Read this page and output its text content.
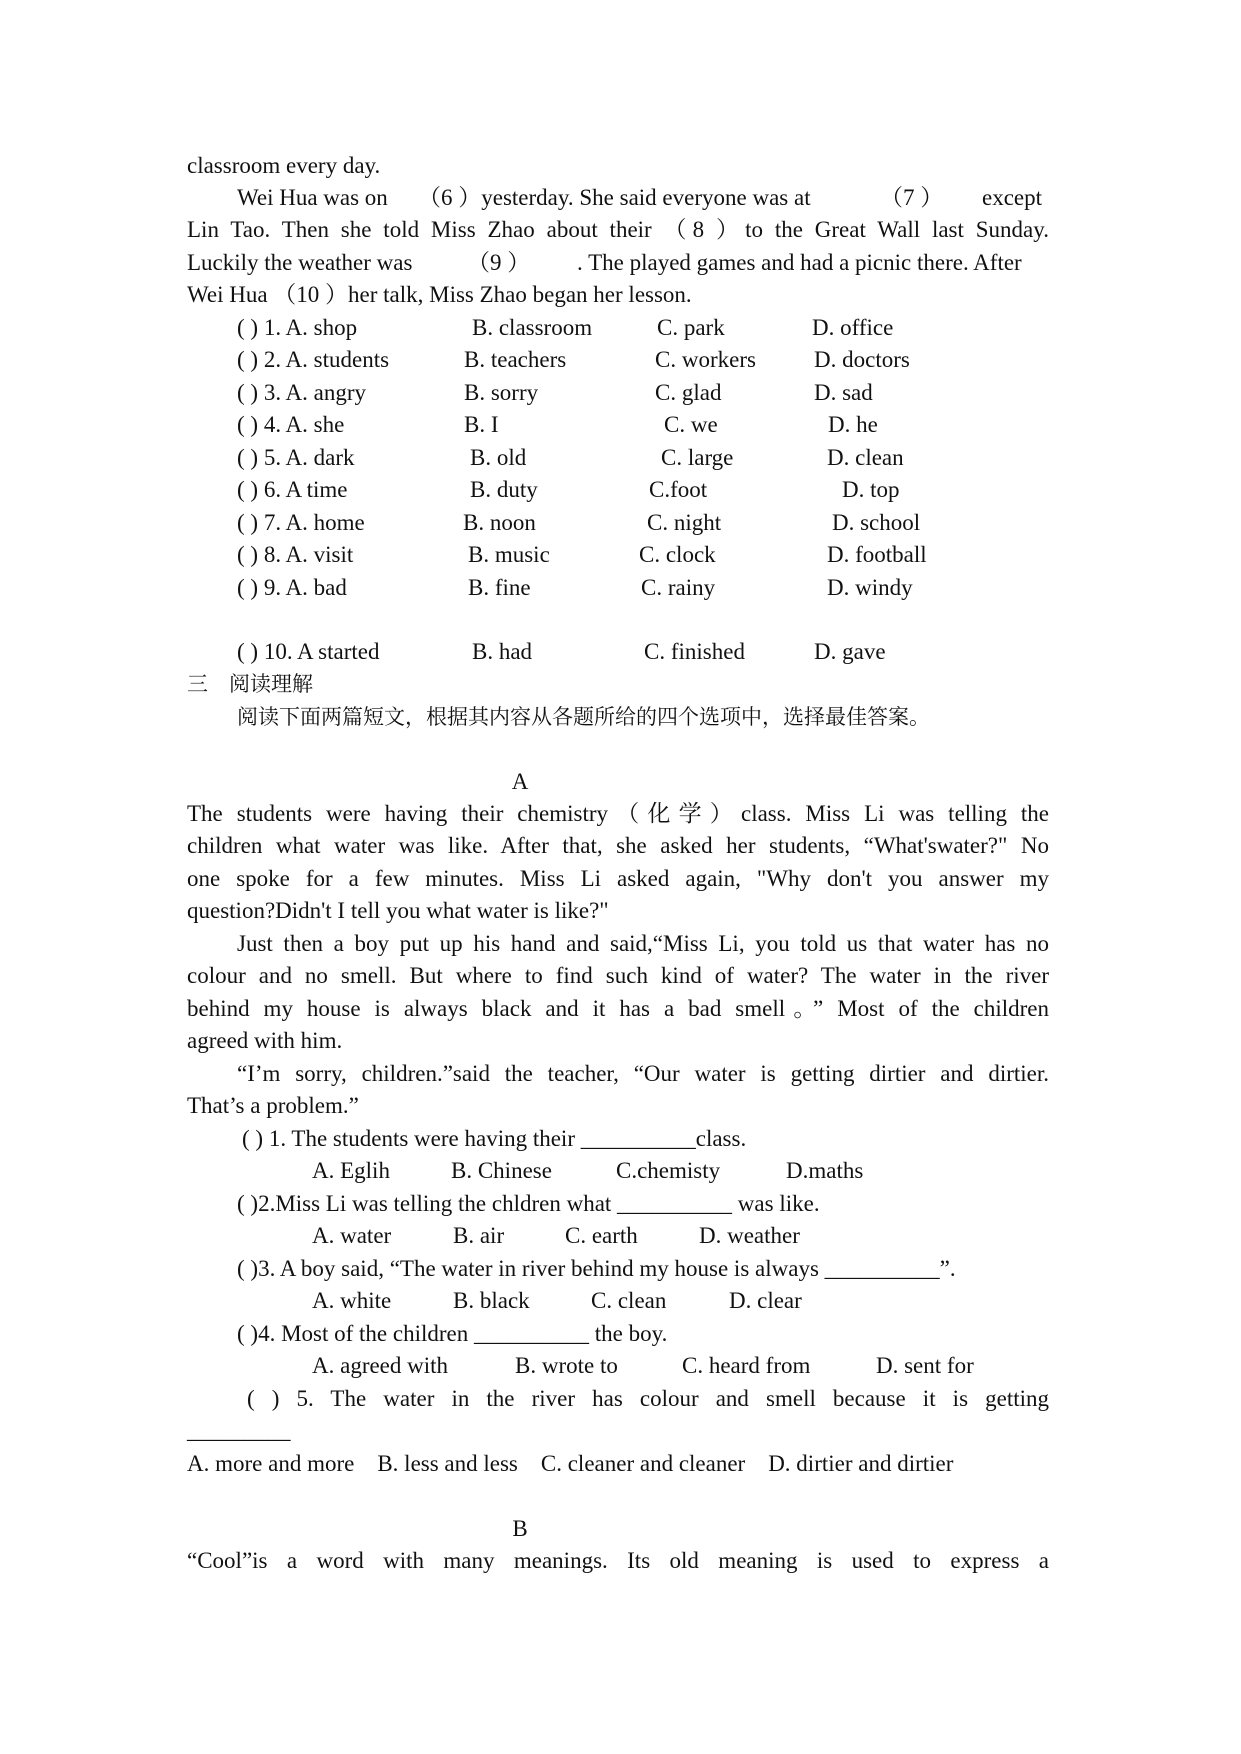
classroom every day.
Wei Hua was on （6 ）yesterday. She said everyone was at	（7 ） except
Lin Tao. Then she told Miss Zhao about their （8 ）to the Great Wall last Sunday.
Luckily the weather was （9 ） . The played games and had a picnic there. After
Wei Hua （10 ）her talk, Miss Zhao began her lesson.
( ) 1. A. shop	B. classroom	C. park	D. office
( ) 2. A. students	B. teachers	C. workers	D. doctors
( ) 3. A. angry	B. sorry	C. glad	D. sad
( ) 4. A. she	B. I	C. we	D. he
( ) 5. A. dark	B. old	C. large	D. clean
( ) 6. A time	B. duty	C.foot	D. top
( ) 7. A. home	B. noon	C. night	D. school
( ) 8. A. visit	B. music	C. clock	D. football
( ) 9. A. bad	B. fine	C. rainy	D. windy
( ) 10. A started	B. had	C. finished	D. gave
三　阅读理解
阅读下面两篇短文，根据其内容从各题所给的四个选项中，选择最佳答案。
A
The students were having their chemistry（化学）class. Miss Li was telling the
children what water was like. After that, she asked her students, “What'swater?" No
one spoke for a few minutes. Miss Li asked again, "Why don't you answer my
question?Didn't I tell you what water is like?"
Just then a boy put up his hand and said,“Miss Li, you told us that water has no
colour and no smell. But where to find such kind of water? The water in the river
behind my house is always black and it has a bad smell。” Most of the children
agreed with him.
“I’m sorry, children.”said the teacher, “Our water is getting dirtier and dirtier.
That’s a problem.”
( ) 1. The students were having their __________class.
A. Eglih	B. Chinese	C.chemisty	D.maths
( )2.Miss Li was telling the chldren what __________ was like.
A. water	B. air	C. earth	D. weather
( )3. A boy said, “The water in river behind my house is always __________”.
A. white	B. black	C. clean	D. clear
( )4. Most of the children __________ the boy.
A. agreed with	B. wrote to	C. heard from	D. sent for
( ) 5. The water in the river has colour and smell because it is getting
_________
A. more and more    B. less and less    C. cleaner and cleaner    D. dirtier and dirtier
B
“Cool”is a word with many meanings. Its old meaning is used to express a
